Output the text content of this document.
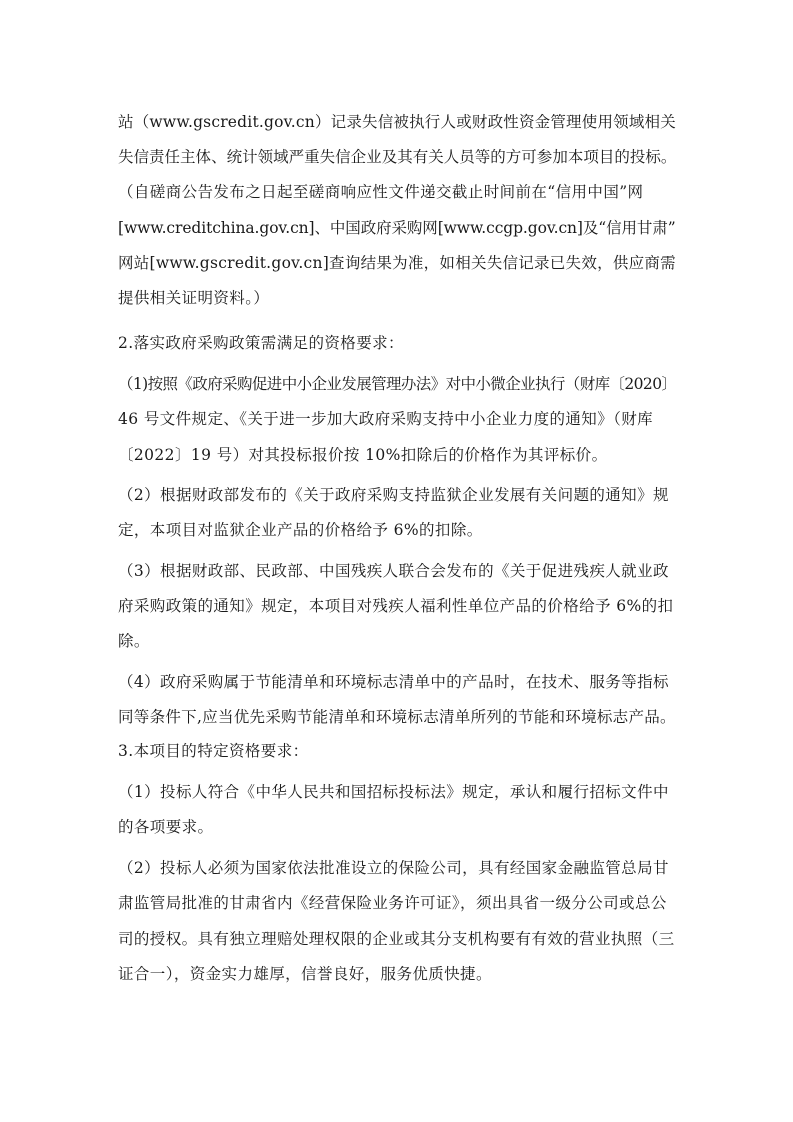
站（www.gscredit.gov.cn）记录失信被执行人或财政性资金管理使用领域相关
失信责任主体、统计领域严重失信企业及其有关人员等的方可参加本项目的投标。
（自磋商公告发布之日起至磋商响应性文件递交截止时间前在“信用中国”网
[www.creditchina.gov.cn]、中国政府采购网[www.ccgp.gov.cn]及“信用甘肃”
网站[www.gscredit.gov.cn]查询结果为准，如相关失信记录已失效，供应商需
提供相关证明资料。）
2.落实政府采购政策需满足的资格要求：
（1)按照《政府采购促进中小企业发展管理办法》对中小微企业执行（财库〔2020〕
46 号文件规定、《关于进一步加大政府采购支持中小企业力度的通知》（财库
〔2022〕19 号）对其投标报价按 10%扣除后的价格作为其评标价。
（2）根据财政部发布的《关于政府采购支持监狱企业发展有关问题的通知》规
定，本项目对监狱企业产品的价格给予 6%的扣除。
（3）根据财政部、民政部、中国残疾人联合会发布的《关于促进残疾人就业政
府采购政策的通知》规定，本项目对残疾人福利性单位产品的价格给予 6%的扣
除。
（4）政府采购属于节能清单和环境标志清单中的产品时，在技术、服务等指标
同等条件下,应当优先采购节能清单和环境标志清单所列的节能和环境标志产品。
3.本项目的特定资格要求：
（1）投标人符合《中华人民共和国招标投标法》规定，承认和履行招标文件中
的各项要求。
（2）投标人必须为国家依法批准设立的保险公司，具有经国家金融监管总局甘
肃监管局批准的甘肃省内《经营保险业务许可证》，须出具省一级分公司或总公
司的授权。具有独立理赔处理权限的企业或其分支机构要有有效的营业执照（三
证合一），资金实力雄厚，信誉良好，服务优质快捷。
